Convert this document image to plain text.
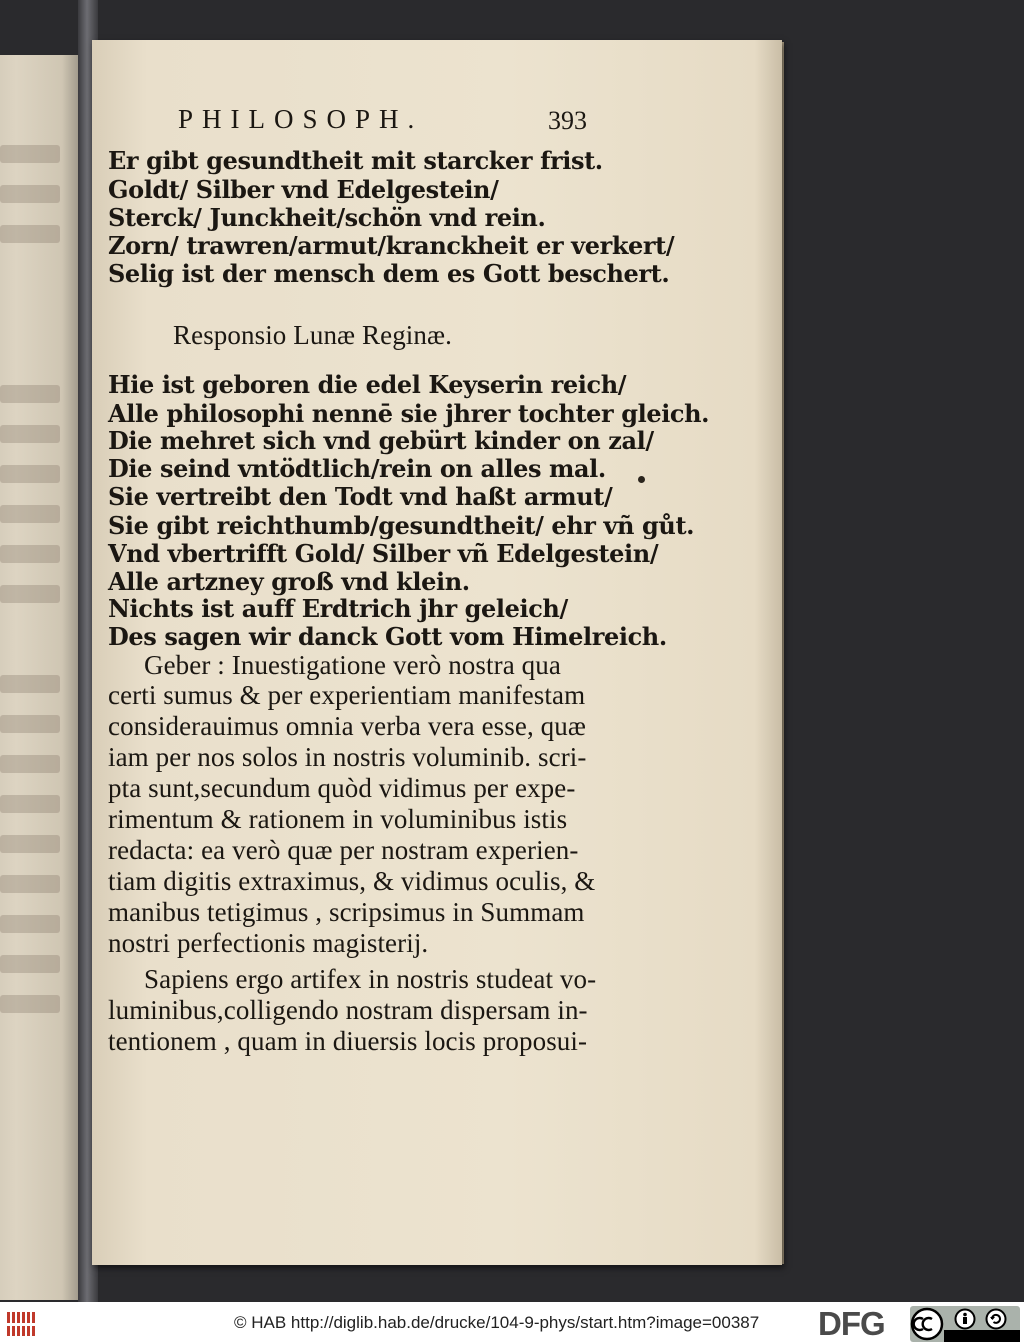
PHILOSOPH.	393
Er gibt gesundtheit mit starcker frist.
Goldt/ Silber vnd Edelgestein/
Sterck/ Junckheit/schön vnd rein.
Zorn/ trawren/armut/kranckheit er verkert/
Selig ist der mensch dem es Gott beschert.
Responsio Lunæ Reginæ.
Hie ist geboren die edel Keyserin reich/
Alle philosophi nennē sie jhrer tochter gleich.
Die mehret sich vnd gebürt kinder on zal/
Die seind vntödtlich/rein on alles mal.
Sie vertreibt den Todt vnd haßt armut/
Sie gibt reichthumb/gesundtheit/ ehr vñ gůt.
Vnd vbertrifft Gold/ Silber vñ Edelgestein/
Alle artzney groß vnd klein.
Nichts ist auff Erdtrich jhr geleich/
Des sagen wir danck Gott vom Himelreich.
Geber : Inuestigatione verò nostra qua
certi sumus & per experientiam manifestam
considerauimus omnia verba vera esse, quæ
iam per nos solos in nostris voluminib. scri-
pta sunt,secundum quòd vidimus per expe-
rimentum & rationem in voluminibus istis
redacta: ea verò quæ per nostram experien-
tiam digitis extraximus, & vidimus oculis, &
manibus tetigimus , scripsimus in Summam
nostri perfectionis magisterij.
Sapiens ergo artifex in nostris studeat vo-
luminibus,colligendo nostram dispersam in-
tentionem , quam in diuersis locis proposui-
© HAB http://diglib.hab.de/drucke/104-9-phys/start.htm?image=00387 DFG
